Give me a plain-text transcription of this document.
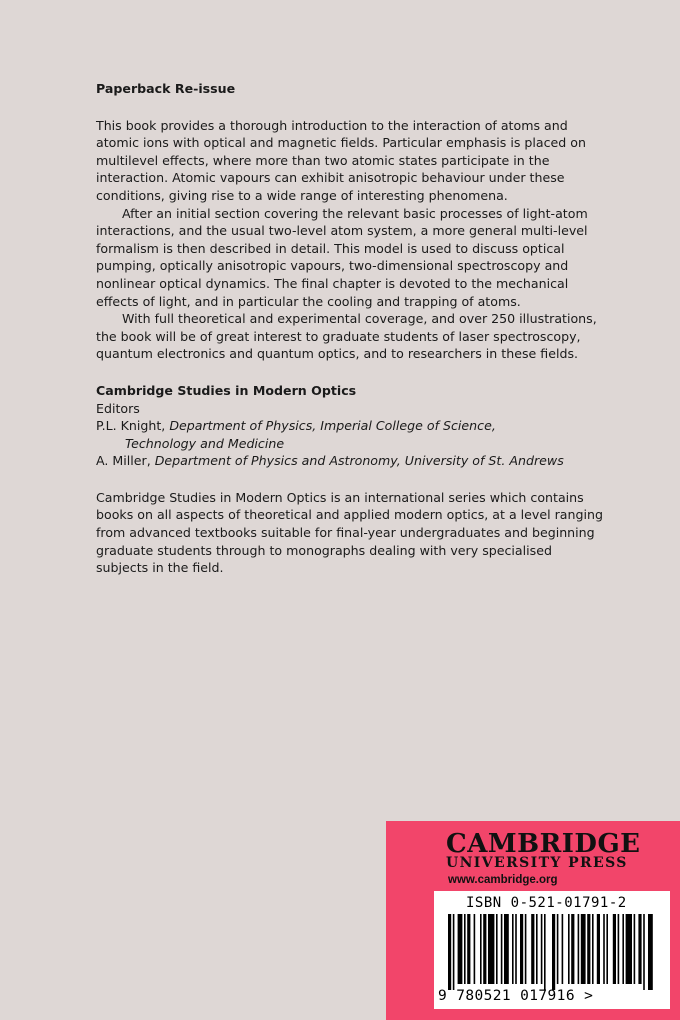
Paperback Re-issue

This book provides a thorough introduction to the interaction of atoms and atomic ions with optical and magnetic fields. Particular emphasis is placed on multilevel effects, where more than two atomic states participate in the interaction. Atomic vapours can exhibit anisotropic behaviour under these conditions, giving rise to a wide range of interesting phenomena.

After an initial section covering the relevant basic processes of light-atom interactions, and the usual two-level atom system, a more general multi-level formalism is then described in detail. This model is used to discuss optical pumping, optically anisotropic vapours, two-dimensional spectroscopy and nonlinear optical dynamics. The final chapter is devoted to the mechanical effects of light, and in particular the cooling and trapping of atoms.

With full theoretical and experimental coverage, and over 250 illustrations, the book will be of great interest to graduate students of laser spectroscopy, quantum electronics and quantum optics, and to researchers in these fields.

Cambridge Studies in Modern Optics
Editors
P.L. Knight, Department of Physics, Imperial College of Science,
Technology and Medicine
A. Miller, Department of Physics and Astronomy, University of St. Andrews
Cambridge Studies in Modern Optics is an international series which contains books on all aspects of theoretical and applied modern optics, at a level ranging from advanced textbooks suitable for final-year undergraduates and beginning graduate students through to monographs dealing with very specialised subjects in the field.
CAMBRIDGE
UNIVERSITY PRESS
www.cambridge.org
ISBN 0-521-01791-2
9 780521 017916 >
